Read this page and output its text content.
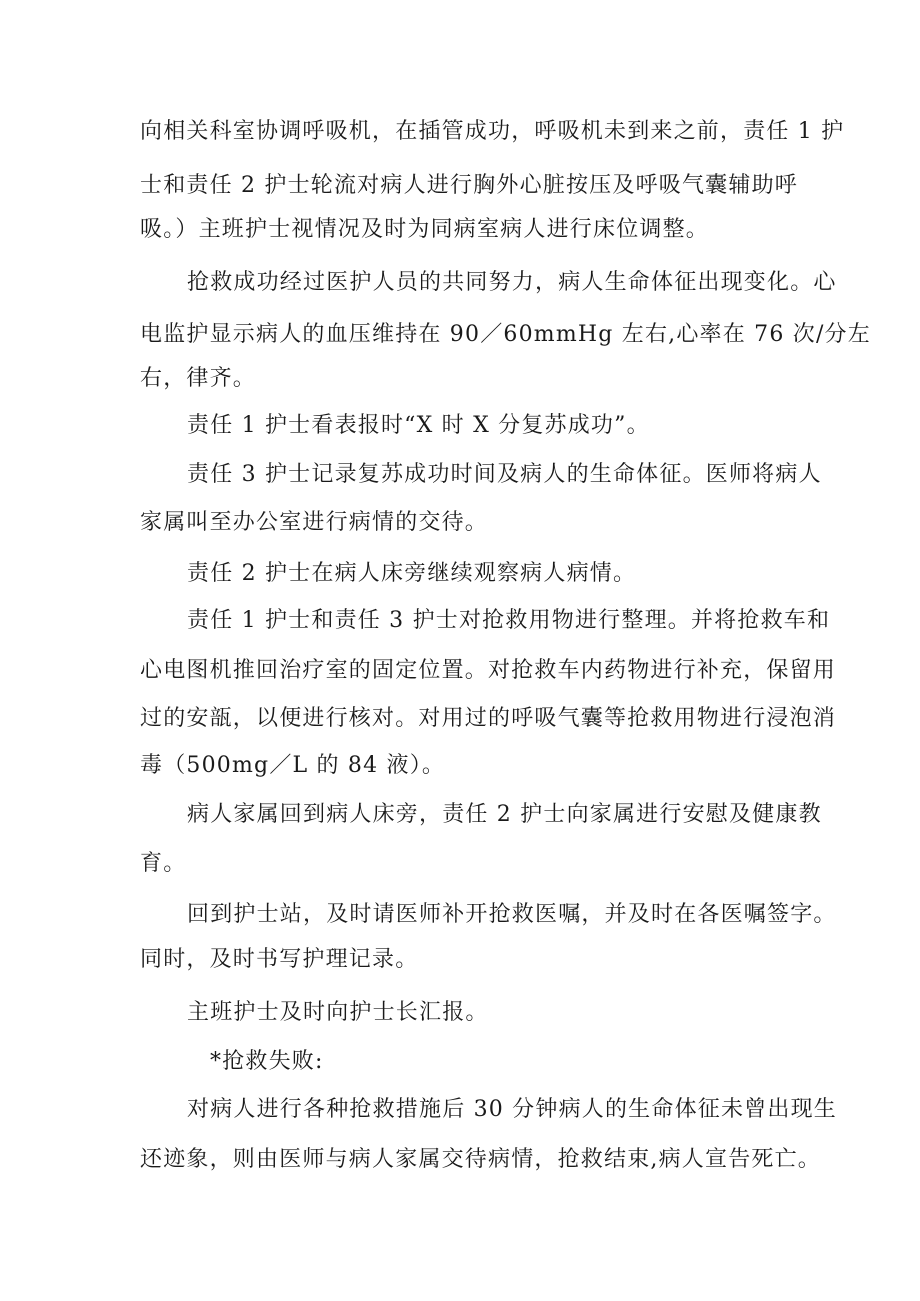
向相关科室协调呼吸机，在插管成功，呼吸机未到来之前，责任 1 护
士和责任 2 护士轮流对病人进行胸外心脏按压及呼吸气囊辅助呼
吸。）主班护士视情况及时为同病室病人进行床位调整。
抢救成功经过医护人员的共同努力，病人生命体征出现变化。心
电监护显示病人的血压维持在 90／60mmHg 左右,心率在 76 次/分左
右，律齐。
责任 1 护士看表报时“X 时 X 分复苏成功”。
责任 3 护士记录复苏成功时间及病人的生命体征。医师将病人
家属叫至办公室进行病情的交待。
责任 2 护士在病人床旁继续观察病人病情。
责任 1 护士和责任 3 护士对抢救用物进行整理。并将抢救车和
心电图机推回治疗室的固定位置。对抢救车内药物进行补充，保留用
过的安瓿，以便进行核对。对用过的呼吸气囊等抢救用物进行浸泡消
毒（500mg／L 的 84 液）。
病人家属回到病人床旁，责任 2 护士向家属进行安慰及健康教
育。
回到护士站，及时请医师补开抢救医嘱，并及时在各医嘱签字。
同时，及时书写护理记录。
主班护士及时向护士长汇报。
*抢救失败:
对病人进行各种抢救措施后 30 分钟病人的生命体征未曾出现生
还迹象，则由医师与病人家属交待病情，抢救结束,病人宣告死亡。
